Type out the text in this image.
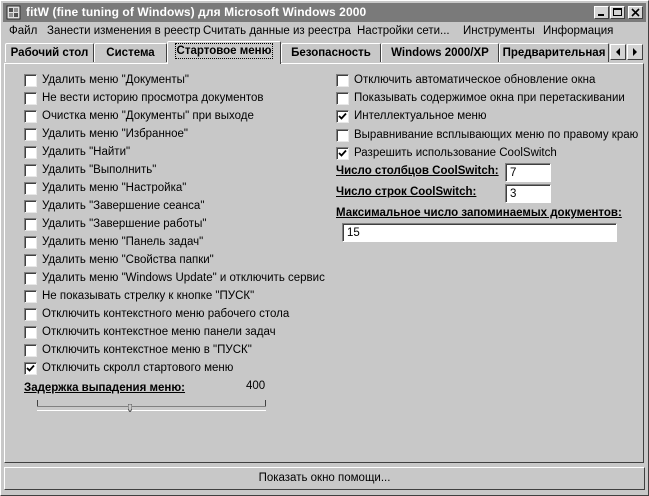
fitW (fine tuning of Windows) для Microsoft Windows 2000
Файл Занести изменения в реестр Считать данные из реестра Настройки сети... Инструменты Информация
Рабочий стол	Система	Стартовое меню	Безопасность	Windows 2000/XP	Предварительная
Удалить меню "Документы"
Не вести историю просмотра документов
Очистка меню "Документы" при выходе
Удалить меню "Избранное"
Удалить "Найти"
Удалить "Выполнить"
Удалить меню "Настройка"
Удалить "Завершение сеанса"
Удалить "Завершение работы"
Удалить меню "Панель задач"
Удалить меню "Свойства папки"
Удалить меню "Windows Update" и отключить сервис
Не показывать стрелку к кнопке "ПУСК"
Отключить контекстного меню рабочего стола
Отключить контекстное меню панели задач
Отключить контекстное меню в "ПУСК"
Отключить скролл стартового меню
Отключить автоматическое обновление окна
Показывать содержимое окна при перетаскивании
Интеллектуальное меню
Выравнивание всплывающих меню по правому краю
Разрешить использование CoolSwitch
Число столбцов CoolSwitch: 7
Число строк CoolSwitch:	3
Максимальное число запоминаемых документов:
15
Задержка выпадения меню:	400
Показать окно помощи...
